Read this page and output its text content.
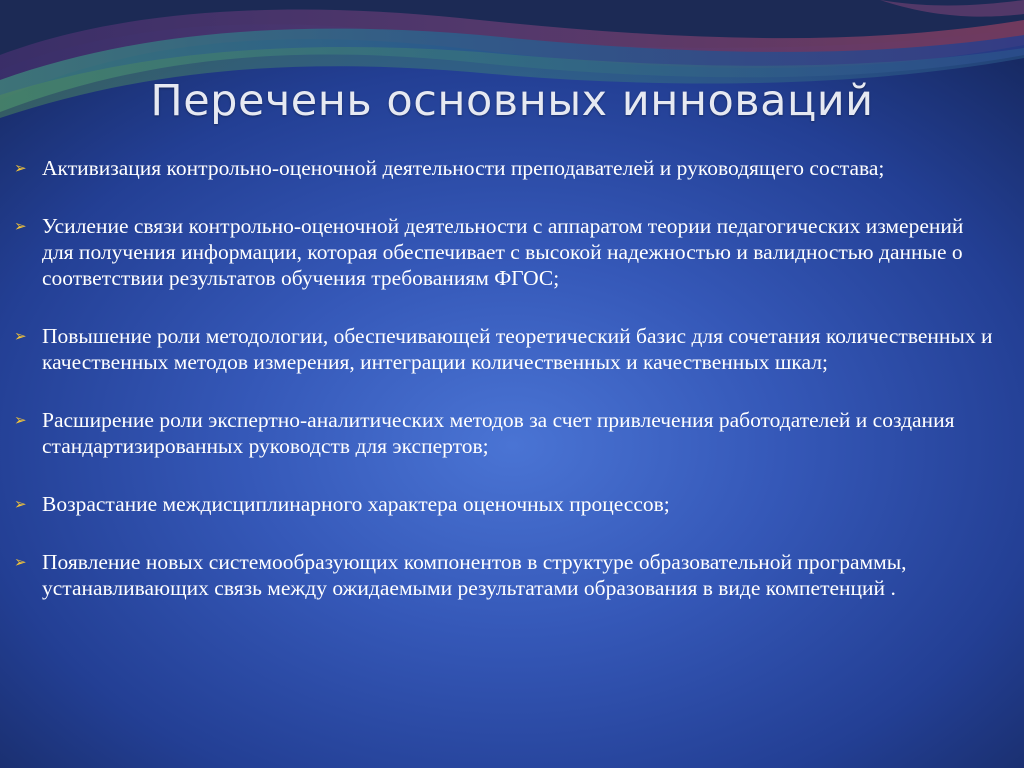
Перечень основных инноваций
➢ Активизация контрольно-оценочной деятельности преподавателей и руководящего состава;
➢ Усиление связи контрольно-оценочной деятельности с аппаратом теории педагогических измерений для получения информации, которая обеспечивает с высокой надежностью и валидностью данные о соответствии результатов обучения требованиям ФГОС;
➢ Повышение роли методологии, обеспечивающей теоретический базис для сочетания количественных и качественных методов измерения, интеграции количественных и качественных шкал;
➢ Расширение роли экспертно-аналитических методов за счет привлечения работодателей и создания стандартизированных руководств для экспертов;
➢ Возрастание междисциплинарного характера оценочных процессов;
➢ Появление новых системообразующих компонентов в структуре образовательной программы, устанавливающих связь между ожидаемыми результатами образования в виде компетенций .
